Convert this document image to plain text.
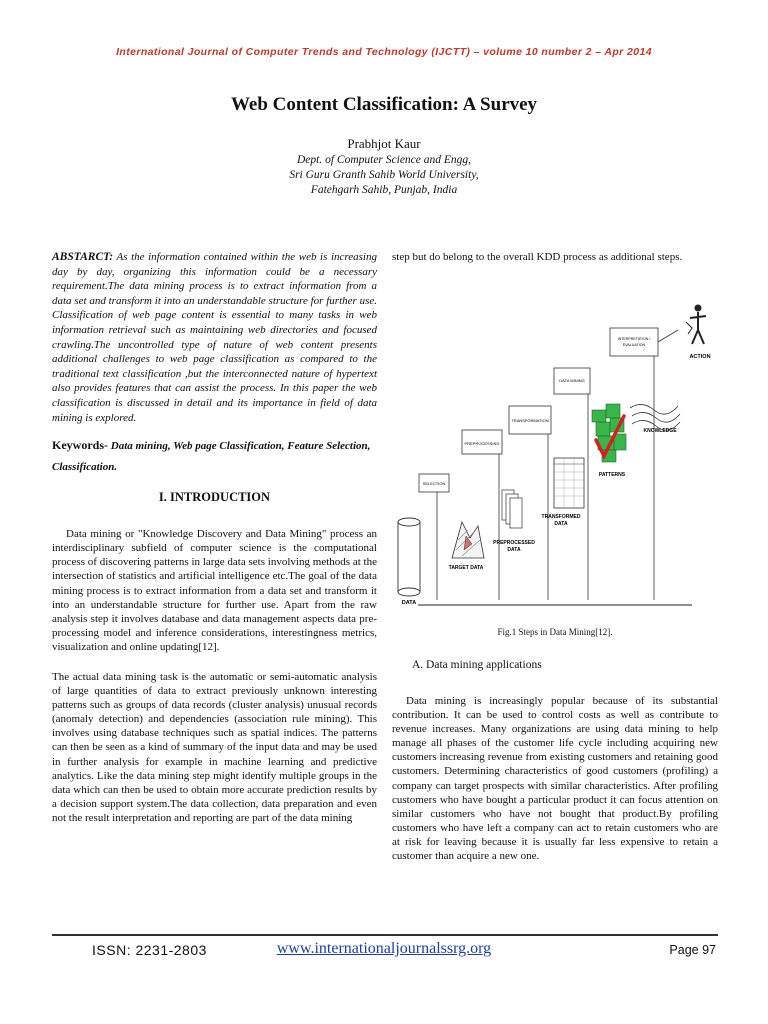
International Journal of Computer Trends and Technology (IJCTT) – volume 10 number 2 – Apr 2014
Web Content Classification: A Survey
Prabhjot Kaur
Dept. of Computer Science and Engg,
Sri Guru Granth Sahib World University,
Fatehgarh Sahib, Punjab, India

ABSTARCT: As the information contained within the web is increasing day by day, organizing this information could be a necessary requirement.The data mining process is to extract information from a data set and transform it into an understandable structure for further use. Classification of web page content is essential to many tasks in web information retrieval such as maintaining web directories and focused crawling.The uncontrolled type of nature of web content presents additional challenges to web page classification as compared to the traditional text classification ,but the interconnected nature of hypertext also provides features that can assist the process. In this paper the web classification is discussed in detail and its importance in field of data mining is explored.

Keywords- Data mining, Web page Classification, Feature Selection, Classification.

I. INTRODUCTION

Data mining or "Knowledge Discovery and Data Mining" process an interdisciplinary subfield of computer science is the computational process of discovering patterns in large data sets involving methods at the intersection of statistics and artificial intelligence etc.The goal of the data mining process is to extract information from a data set and transform it into an understandable structure for further use. Apart from the raw analysis step it involves database and data management aspects data pre-processing model and inference considerations, interestingness metrics, visualization and online updating[12].

The actual data mining task is the automatic or semi-automatic analysis of large quantities of data to extract previously unknown interesting patterns such as groups of data records (cluster analysis) unusual records (anomaly detection) and dependencies (association rule mining). This involves using database techniques such as spatial indices. The patterns can then be seen as a kind of summary of the input data and may be used in further analysis for example in machine learning and predictive analytics. Like the data mining step might identify multiple groups in the data which can then be used to obtain more accurate prediction results by a decision support system.The data collection, data preparation and even not the result interpretation and reporting are part of the data mining

step but do belong to the overall KDD process as additional steps.

SELECTION
PREPROCESSING
TRANSFORMATION
DATA MINING
INTERPRETATION /
EVALUATION
DATA
TARGET DATA
PREPROCESSED
DATA
TRANSFORMED
DATA
PATTERNS
KNOWLEDGE
ACTION
Fig.1 Steps in Data Mining[12].
A. Data mining applications

Data mining is increasingly popular because of its substantial contribution. It can be used to control costs as well as contribute to revenue increases. Many organizations are using data mining to help manage all phases of the customer life cycle including acquiring new customers increasing revenue from existing customers and retaining good customers. Determining characteristics of good customers (profiling) a company can target prospects with similar characteristics. After profiling customers who have bought a particular product it can focus attention on similar customers who have not bought that product.By profiling customers who have left a company can act to retain customers who are at risk for leaving because it is usually far less expensive to retain a customer than acquire a new one.

ISSN: 2231-2803	www.internationaljournalssrg.org	Page 97
